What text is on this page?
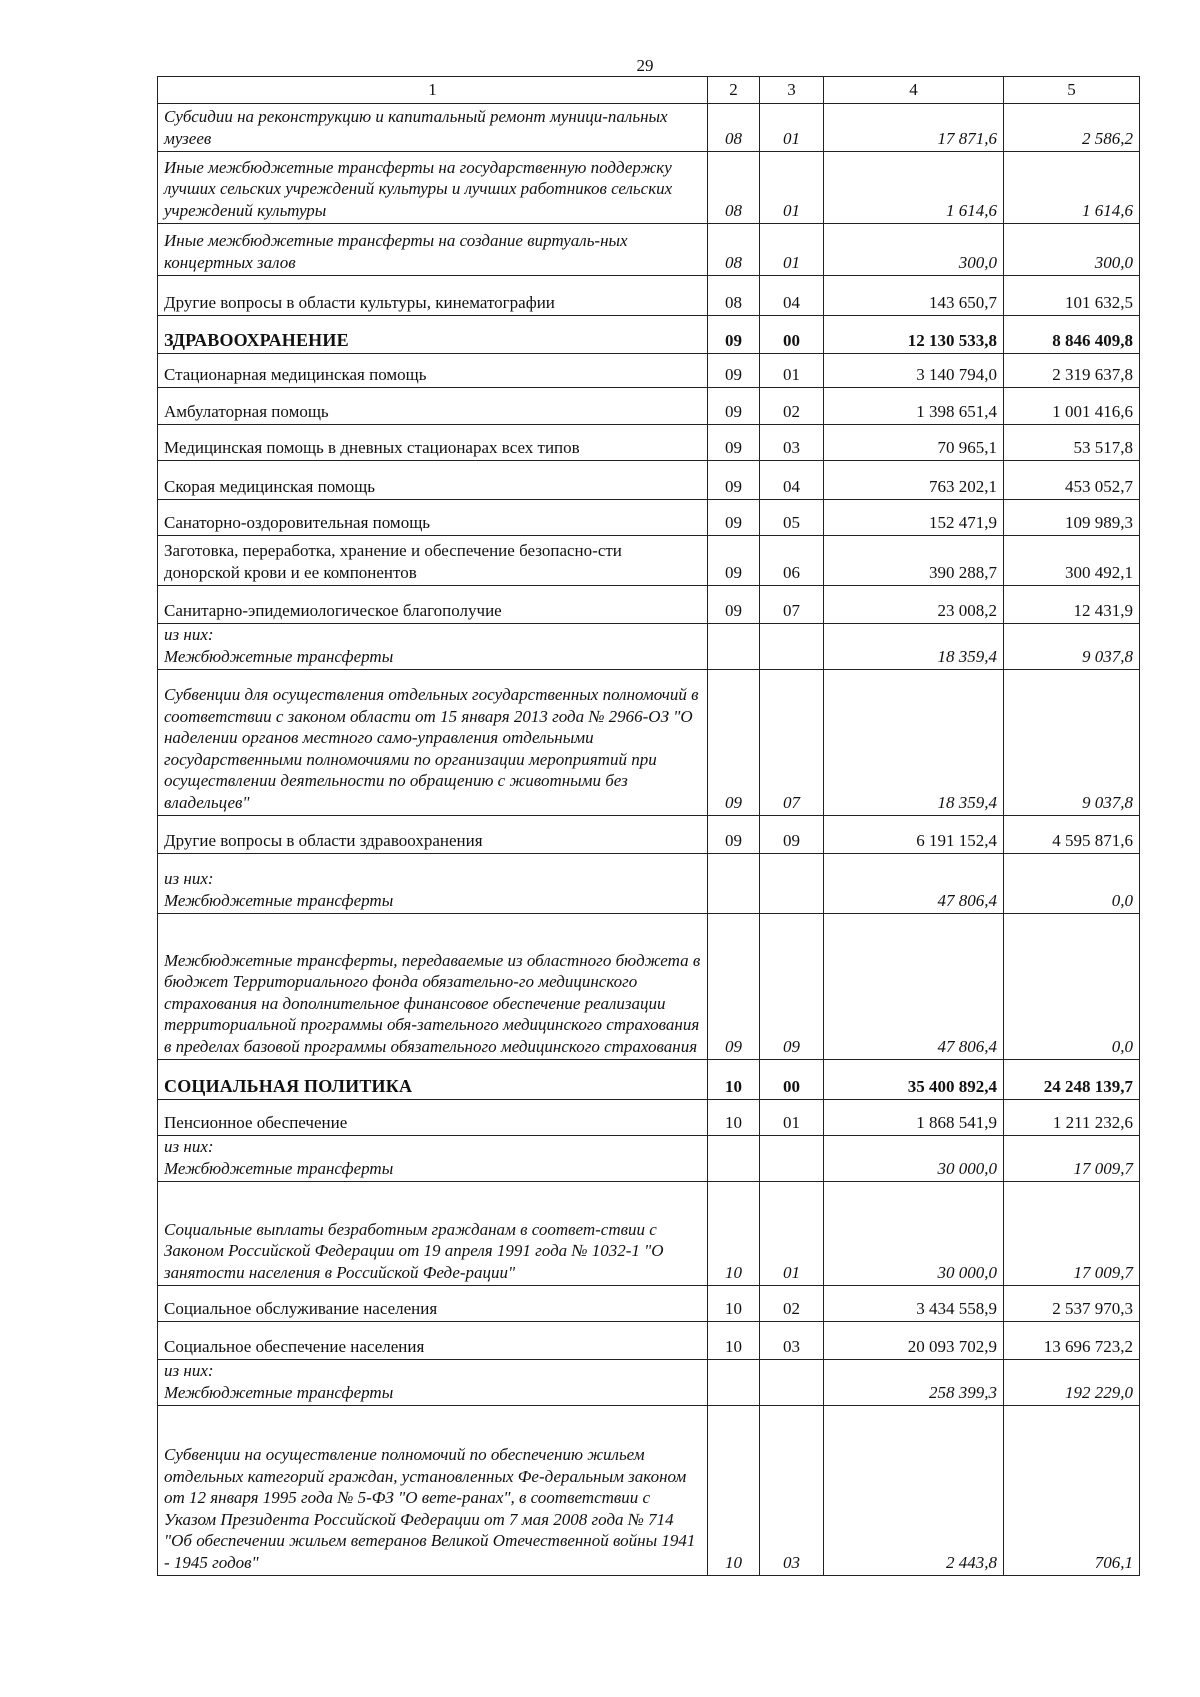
29
1	2	3	4	5
Субсидии на реконструкцию и капитальный ремонт муници-пальных музеев	08	01	17 871,6	2 586,2
Иные межбюджетные трансферты на государственную поддержку лучших сельских учреждений культуры и лучших работников сельских учреждений культуры	08	01	1 614,6	1 614,6
Иные межбюджетные трансферты на создание виртуаль-ных концертных залов	08	01	300,0	300,0
Другие вопросы в области культуры, кинематографии	08	04	143 650,7	101 632,5
ЗДРАВООХРАНЕНИЕ	09	00	12 130 533,8	8 846 409,8
Стационарная медицинская помощь	09	01	3 140 794,0	2 319 637,8
Амбулаторная помощь	09	02	1 398 651,4	1 001 416,6
Медицинская помощь в дневных стационарах всех типов	09	03	70 965,1	53 517,8
Скорая медицинская помощь	09	04	763 202,1	453 052,7
Санаторно-оздоровительная помощь	09	05	152 471,9	109 989,3
Заготовка, переработка, хранение и обеспечение безопасно-сти донорской крови и ее компонентов	09	06	390 288,7	300 492,1
Санитарно-эпидемиологическое благополучие	09	07	23 008,2	12 431,9
из них:
Межбюджетные трансферты			18 359,4	9 037,8
Субвенции для осуществления отдельных государственных полномочий в соответствии с законом области от 15 января 2013 года № 2966-ОЗ "О наделении органов местного само-управления отдельными государственными полномочиями по организации мероприятий при осуществлении деятельности по обращению с животными без владельцев"	09	07	18 359,4	9 037,8
Другие вопросы в области здравоохранения	09	09	6 191 152,4	4 595 871,6
из них:
Межбюджетные трансферты			47 806,4	0,0
Межбюджетные трансферты, передаваемые из областного бюджета в бюджет Территориального фонда обязательно-го медицинского страхования на дополнительное финансовое обеспечение реализации территориальной программы обя-зательного медицинского страхования в пределах базовой программы обязательного медицинского страхования	09	09	47 806,4	0,0
СОЦИАЛЬНАЯ ПОЛИТИКА	10	00	35 400 892,4	24 248 139,7
Пенсионное обеспечение	10	01	1 868 541,9	1 211 232,6
из них:
Межбюджетные трансферты			30 000,0	17 009,7
Социальные выплаты безработным гражданам в соответ-ствии с Законом Российской Федерации от 19 апреля 1991 года № 1032-1 "О занятости населения в Российской Феде-рации"	10	01	30 000,0	17 009,7
Социальное обслуживание населения	10	02	3 434 558,9	2 537 970,3
Социальное обеспечение населения	10	03	20 093 702,9	13 696 723,2
из них:
Межбюджетные трансферты			258 399,3	192 229,0
Субвенции на осуществление полномочий по обеспечению жильем отдельных категорий граждан, установленных Фе-деральным законом от 12 января 1995 года № 5-ФЗ "О вете-ранах", в соответствии с Указом Президента Российской Федерации от 7 мая 2008 года № 714 "Об обеспечении жильем ветеранов Великой Отечественной войны 1941 - 1945 годов"	10	03	2 443,8	706,1
